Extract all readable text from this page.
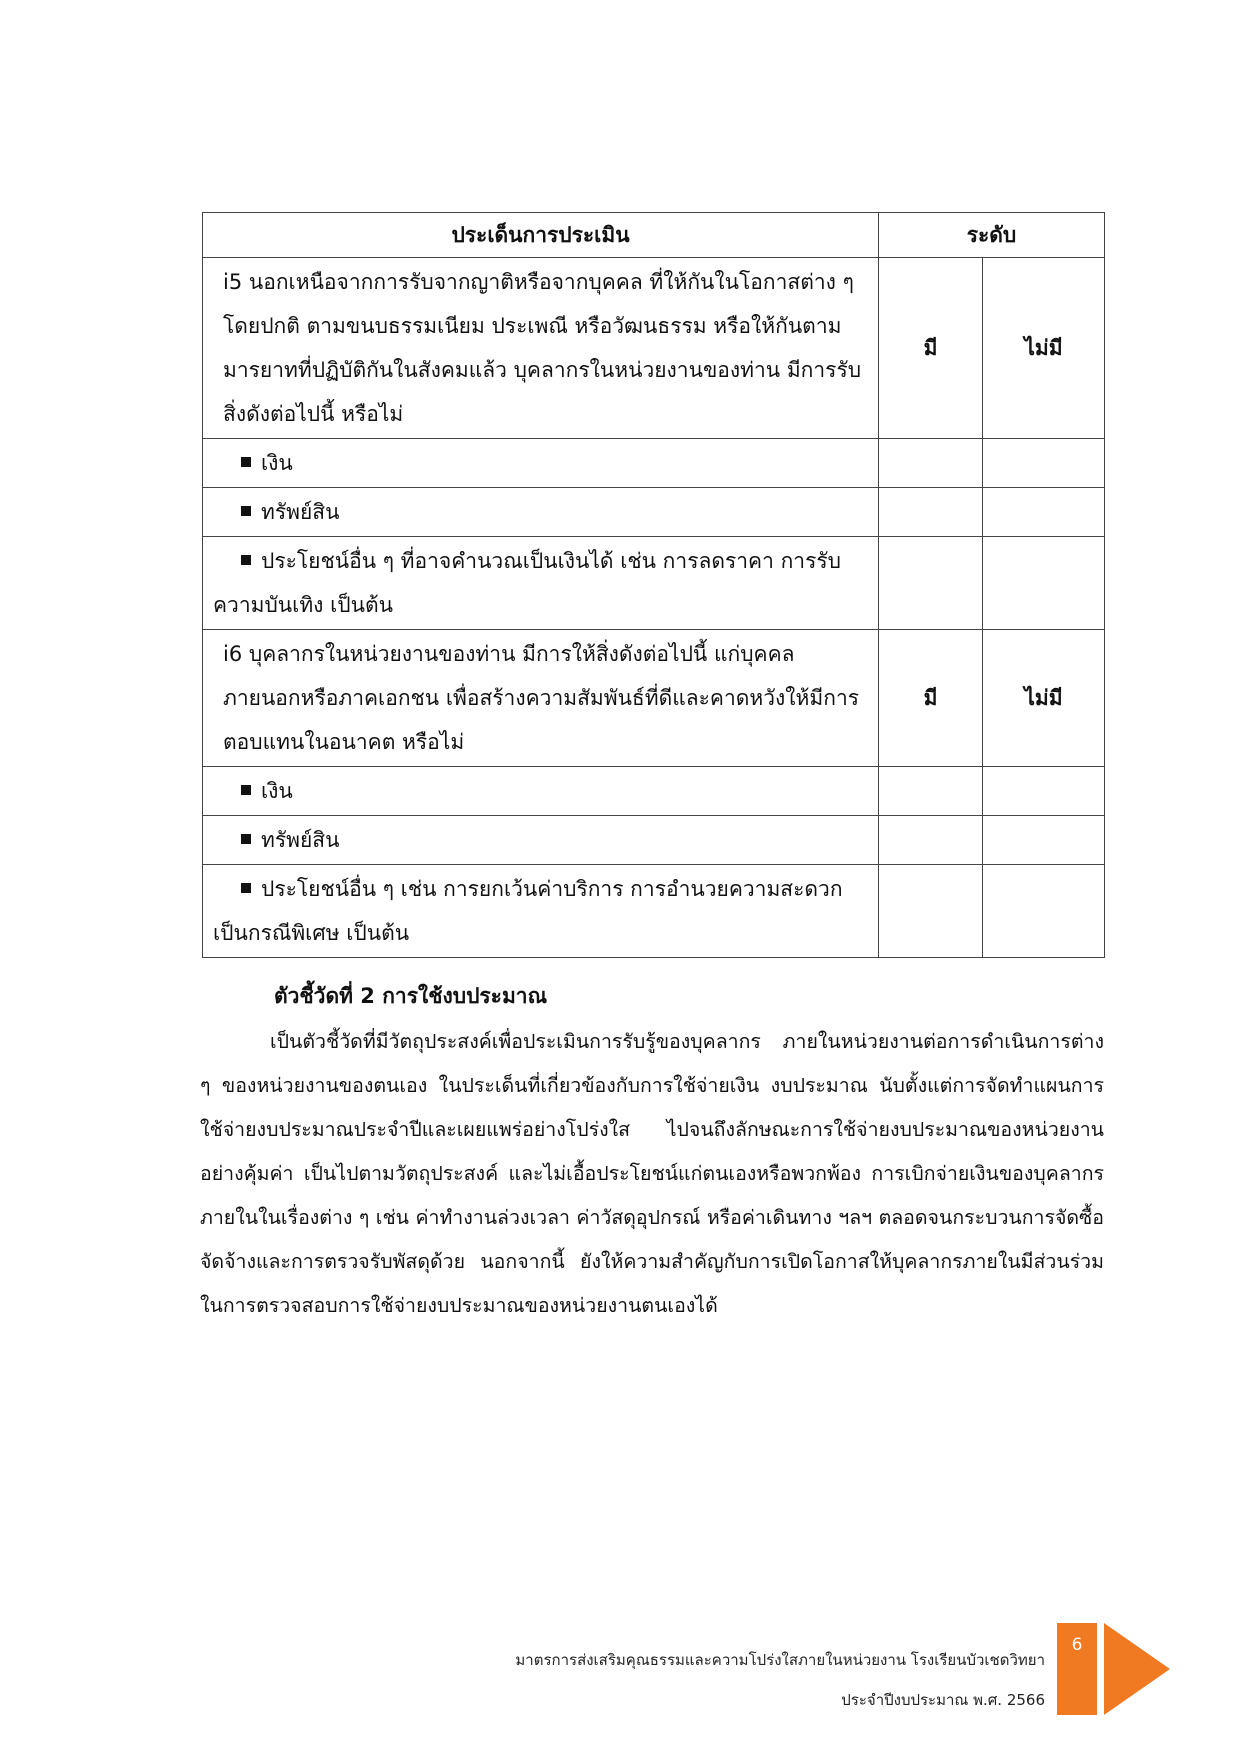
ประเด็นการประเมิน	ระดับ	
i5 นอกเหนือจากการรับจากญาติหรือจากบุคคล ที่ให้กันในโอกาสต่าง ๆ โดยปกติ ตามขนบธรรมเนียม ประเพณี หรือวัฒนธรรม หรือให้กันตามมารยาทที่ปฏิบัติกันในสังคมแล้ว บุคลากรในหน่วยงานของท่าน มีการรับสิ่งดังต่อไปนี้ หรือไม่	มี	ไม่มี
เงิน		
ทรัพย์สิน		

ประโยชน์อื่น ๆ ที่อาจคำนวณเป็นเงินได้ เช่น การลดราคา การรับความบันเทิง เป็นต้น		

i6 บุคลากรในหน่วยงานของท่าน มีการให้สิ่งดังต่อไปนี้ แก่บุคคล ภายนอกหรือภาคเอกชน เพื่อสร้างความสัมพันธ์ที่ดีและคาดหวังให้มีการตอบแทนในอนาคต หรือไม่	มี	ไม่มี
เงิน		
ทรัพย์สิน		

ประโยชน์อื่น ๆ เช่น การยกเว้นค่าบริการ การอำนวยความสะดวกเป็นกรณีพิเศษ เป็นต้น		

ตัวชี้วัดที่ 2 การใช้งบประมาณ
เป็นตัวชี้วัดที่มีวัตถุประสงค์เพื่อประเมินการรับรู้ของบุคลากร ภายในหน่วยงานต่อการดำเนินการต่าง ๆ ของหน่วยงานของตนเอง ในประเด็นที่เกี่ยวข้องกับการใช้จ่ายเงิน งบประมาณ นับตั้งแต่การจัดทำแผนการใช้จ่ายงบประมาณประจำปีและเผยแพร่อย่างโปร่งใส ไปจนถึงลักษณะการใช้จ่ายงบประมาณของหน่วยงานอย่างคุ้มค่า เป็นไปตามวัตถุประสงค์ และไม่เอื้อประโยชน์แก่ตนเองหรือพวกพ้อง การเบิกจ่ายเงินของบุคลากรภายในในเรื่องต่าง ๆ เช่น ค่าทำงานล่วงเวลา ค่าวัสดุอุปกรณ์ หรือค่าเดินทาง ฯลฯ ตลอดจนกระบวนการจัดซื้อจัดจ้างและการตรวจรับพัสดุด้วย นอกจากนี้ ยังให้ความสำคัญกับการเปิดโอกาสให้บุคลากรภายในมีส่วนร่วมในการตรวจสอบการใช้จ่ายงบประมาณของหน่วยงานตนเองได้
มาตรการส่งเสริมคุณธรรมและความโปร่งใสภายในหน่วยงาน โรงเรียนบัวเชดวิทยา
ประจำปีงบประมาณ พ.ศ. 2566
6
